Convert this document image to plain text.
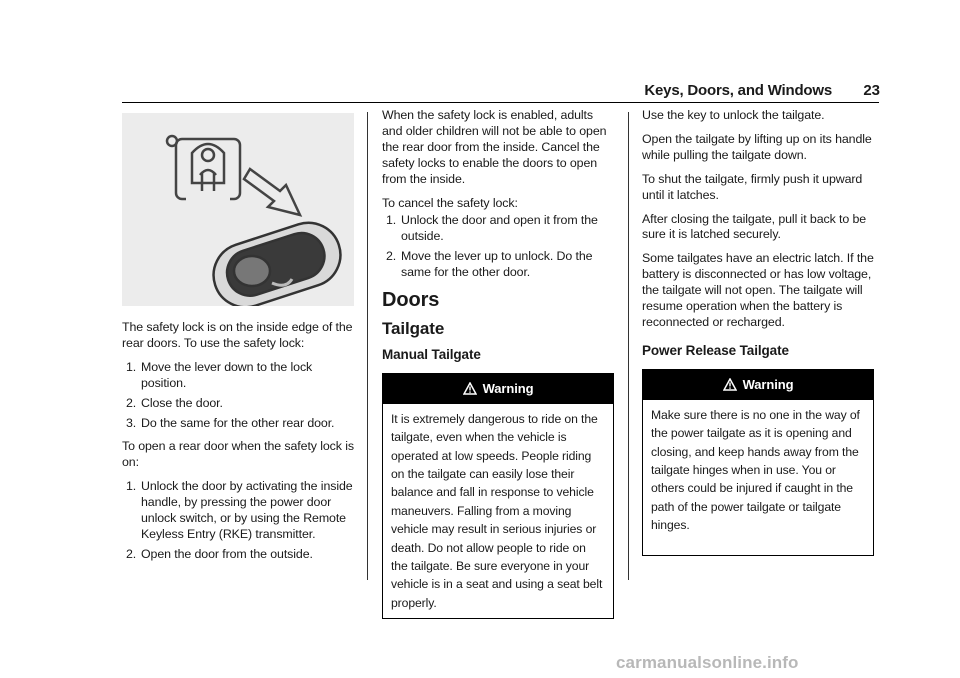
Keys, Doors, and Windows	23

The safety lock is on the inside edge of the rear doors. To use the safety lock:

1. Move the lever down to the lock position.
2. Close the door.
3. Do the same for the other rear door.

To open a rear door when the safety lock is on:

1. Unlock the door by activating the inside handle, by pressing the power door unlock switch, or by using the Remote Keyless Entry (RKE) transmitter.
2. Open the door from the outside.

When the safety lock is enabled, adults and older children will not be able to open the rear door from the inside. Cancel the safety locks to enable the doors to open from the inside.

To cancel the safety lock:

1. Unlock the door and open it from the outside.
2. Move the lever up to unlock. Do the same for the other door.
Doors
Tailgate
Manual Tailgate
Warning
It is extremely dangerous to ride on the tailgate, even when the vehicle is operated at low speeds. People riding on the tailgate can easily lose their balance and fall in response to vehicle maneuvers. Falling from a moving vehicle may result in serious injuries or death. Do not allow people to ride on the tailgate. Be sure everyone in your vehicle is in a seat and using a seat belt properly.

Use the key to unlock the tailgate.

Open the tailgate by lifting up on its handle while pulling the tailgate down.

To shut the tailgate, firmly push it upward until it latches.

After closing the tailgate, pull it back to be sure it is latched securely.

Some tailgates have an electric latch. If the battery is disconnected or has low voltage, the tailgate will not open. The tailgate will resume operation when the battery is reconnected or recharged.

Power Release Tailgate
Warning
Make sure there is no one in the way of the power tailgate as it is opening and closing, and keep hands away from the tailgate hinges when in use. You or others could be injured if caught in the path of the power tailgate or tailgate hinges.
carmanualsonline.info
